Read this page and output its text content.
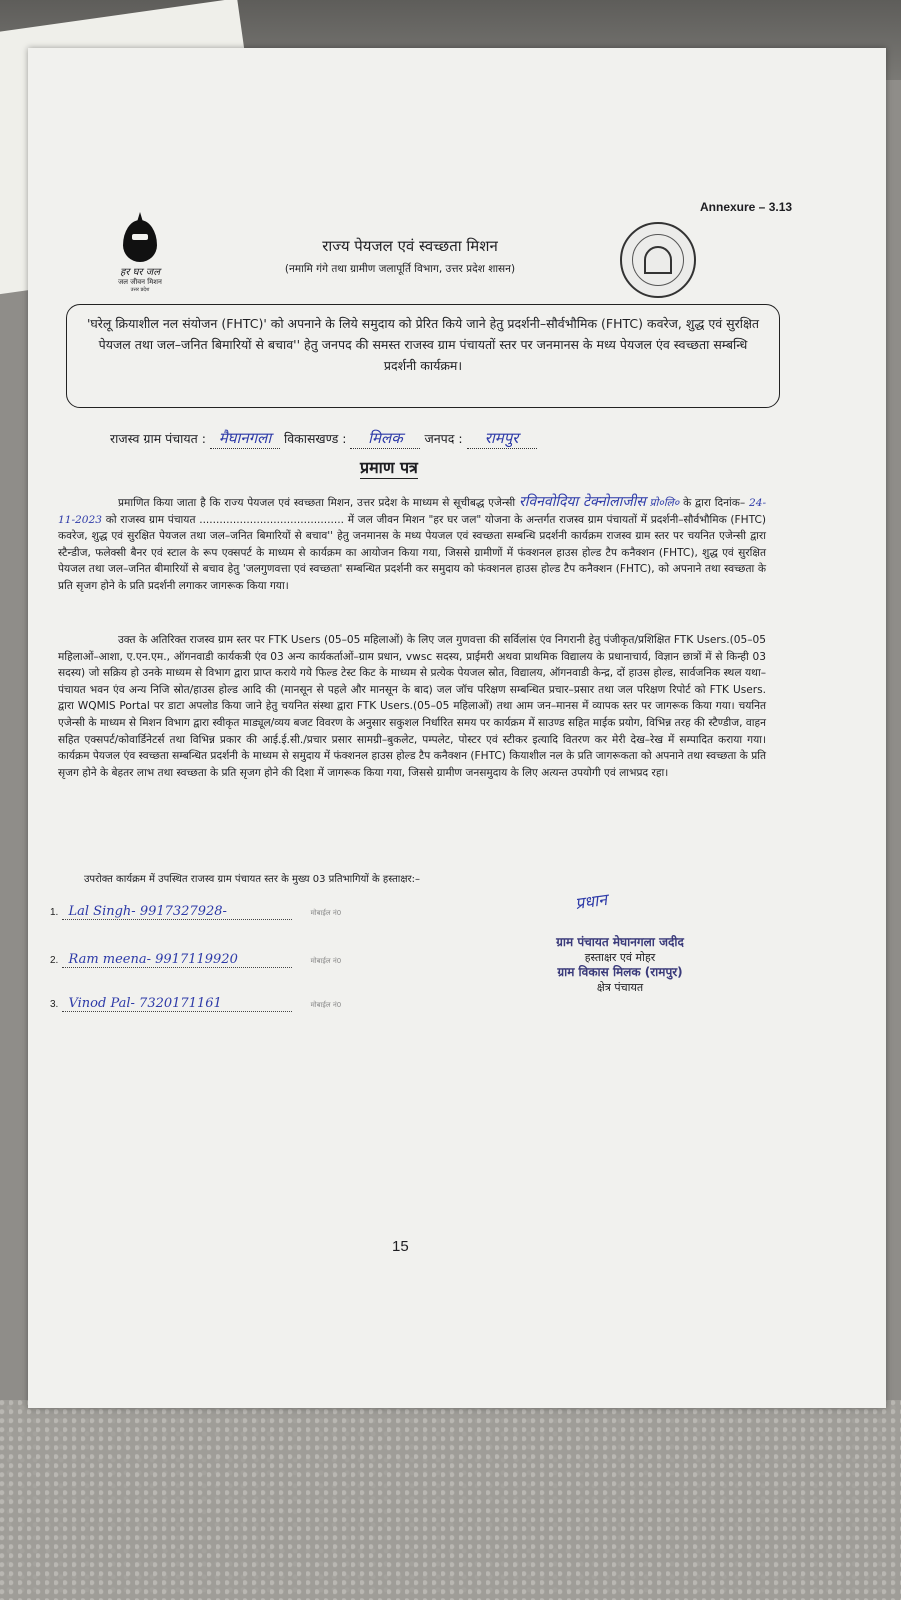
Annexure – 3.13
हर घर जल
जल जीवन मिशन
उत्तर प्रदेश
राज्य पेयजल एवं स्वच्छता मिशन
(नमामि गंगे तथा ग्रामीण जलापूर्ति विभाग, उत्तर प्रदेश शासन)
'घरेलू क्रियाशील नल संयोजन (FHTC)' को अपनाने के लिये समुदाय को प्रेरित किये जाने हेतु प्रदर्शनी–सौर्वभौमिक (FHTC) कवरेज, शुद्ध एवं सुरक्षित पेयजल तथा जल–जनित बिमारियों से बचाव'' हेतु जनपद की समस्त राजस्व ग्राम पंचायतों स्तर पर जनमानस के मध्य पेयजल एंव स्वच्छता सम्बन्धि प्रदर्शनी कार्यक्रम।
राजस्व ग्राम पंचायत : मैघानगला विकासखण्ड : मिलक जनपद : रामपुर
प्रमाण पत्र
प्रमाणित किया जाता है कि राज्य पेयजल एवं स्वच्छता मिशन, उत्तर प्रदेश के माध्यम से सूचीबद्ध एजेन्सी रविनवोदिया टेक्नोलाजीस प्रो०लि० के द्वारा दिनांक– 24-11-2023 को राजस्व ग्राम पंचायत ........................................... में जल जीवन मिशन "हर घर जल" योजना के अन्तर्गत राजस्व ग्राम पंचायतों में प्रदर्शनी–सौर्वभौमिक (FHTC) कवरेज, शुद्ध एवं सुरक्षित पेयजल तथा जल–जनित बिमारियों से बचाव'' हेतु जनमानस के मध्य पेयजल एवं स्वच्छता सम्बन्धि प्रदर्शनी कार्यक्रम राजस्व ग्राम स्तर पर चयनित एजेन्सी द्वारा स्टैन्डीज, फलेक्सी बैनर एवं स्टाल के रूप एक्सपर्ट के माध्यम से कार्यक्रम का आयोजन किया गया, जिससे ग्रामीणों में फंक्शनल हाउस होल्ड टैप कनैक्शन (FHTC), शुद्ध एवं सुरक्षित पेयजल तथा जल–जनित बीमारियों से बचाव हेतु 'जलगुणवत्ता एवं स्वच्छता' सम्बन्धित प्रदर्शनी कर समुदाय को फंक्शनल हाउस होल्ड टैप कनैक्शन (FHTC), को अपनाने तथा स्वच्छता के प्रति सृजग होने के प्रति प्रदर्शनी लगाकर जागरूक किया गया।
उक्त के अतिरिक्त राजस्व ग्राम स्तर पर FTK Users (05–05 महिलाओं) के लिए जल गुणवत्ता की सर्विलांस एंव निगरानी हेतु पंजीकृत/प्रशिक्षित FTK Users.(05–05 महिलाओं–आशा, ए.एन.एम., ऑगनवाडी कार्यकत्री एंव 03 अन्य कार्यकर्ताओं–ग्राम प्रधान, vwsc सदस्य, प्राईमरी अथवा प्राथमिक विद्यालय के प्रधानाचार्य, विज्ञान छात्रों में से किन्ही 03 सदस्य) जो सक्रिय हो उनके माध्यम से विभाग द्वारा प्राप्त कराये गये फिल्ड टेस्ट किट के माध्यम से प्रत्येक पेयजल स्रोत, विद्यालय, ऑगनवाडी केन्द्र, दों हाउस होल्ड, सार्वजनिक स्थल यथा–पंचायत भवन एंव अन्य निजि स्रोत/हाउस होल्ड आदि की (मानसून से पहले और मानसून के बाद) जल जॉच परिक्षण सम्बन्धित प्रचार–प्रसार तथा जल परिक्षण रिपोर्ट को FTK Users. द्वारा WQMIS Portal पर डाटा अपलोड किया जाने हेतु चयनित संस्था द्वारा FTK Users.(05–05 महिलाओं) तथा आम जन–मानस में व्यापक स्तर पर जागरूक किया गया। चयनित एजेन्सी के माध्यम से मिशन विभाग द्वारा स्वीकृत माड्यूल/व्यय बजट विवरण के अनुसार सकुशल निर्धारित समय पर कार्यक्रम में साउण्ड सहित माईक प्रयोग, विभिन्न तरह की स्टैण्डीज, वाहन सहित एक्सपर्ट/कोवार्डिनेटर्स तथा विभिन्न प्रकार की आई.ई.सी./प्रचार प्रसार सामग्री–बुकलेट, पम्पलेट, पोस्टर एवं स्टीकर इत्यादि वितरण कर मेरी देख–रेख में सम्पादित कराया गया। कार्यक्रम पेयजल एंव स्वच्छता सम्बन्धित प्रदर्शनी के माध्यम से समुदाय में फंक्शनल हाउस होल्ड टैप कनैक्शन (FHTC) कियाशील नल के प्रति जागरूकता को अपनाने तथा स्वच्छता के प्रति सृजग होने के बेहतर लाभ तथा स्वच्छता के प्रति सृजग होने की दिशा में जागरूक किया गया, जिससे ग्रामीण जनसमुदाय के लिए अत्यन्त उपयोगी एवं लाभप्रद रहा।
उपरोक्त कार्यक्रम में उपस्थित राजस्व ग्राम पंचायत स्तर के मुख्य 03 प्रतिभागियों के हस्ताक्षर:–
1. Lal Singh- 9917327928-	मोबाईल नं0
2. Ram meena- 9917119920	मोबाईल नं0
3. Vinod Pal- 7320171161	मोबाईल नं0
प्रधान
ग्राम पंचायत मेघानगला जदीद
हस्ताक्षर एवं मोहर
ग्राम विकास मिलक (रामपुर)
क्षेत्र पंचायत
15
